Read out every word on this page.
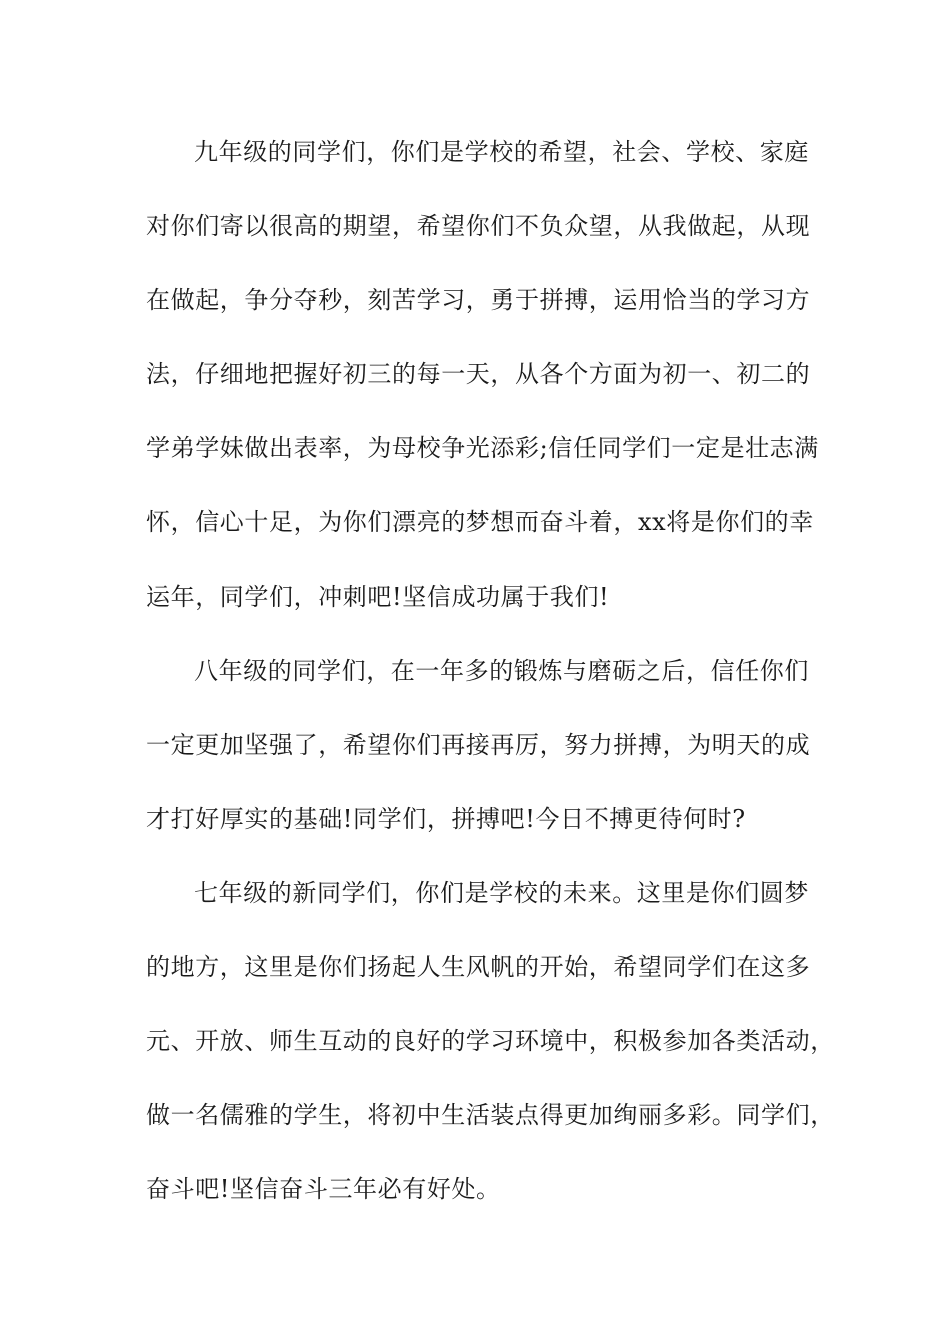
九年级的同学们，你们是学校的希望，社会、学校、家庭
对你们寄以很高的期望，希望你们不负众望，从我做起，从现
在做起，争分夺秒，刻苦学习，勇于拼搏，运用恰当的学习方
法，仔细地把握好初三的每一天，从各个方面为初一、初二的
学弟学妹做出表率，为母校争光添彩;信任同学们一定是壮志满
怀，信心十足，为你们漂亮的梦想而奋斗着，xx将是你们的幸
运年，同学们，冲刺吧!坚信成功属于我们!
八年级的同学们，在一年多的锻炼与磨砺之后，信任你们
一定更加坚强了，希望你们再接再厉，努力拼搏，为明天的成
才打好厚实的基础!同学们，拼搏吧!今日不搏更待何时?
七年级的新同学们，你们是学校的未来。这里是你们圆梦
的地方，这里是你们扬起人生风帆的开始，希望同学们在这多
元、开放、师生互动的良好的学习环境中，积极参加各类活动，
做一名儒雅的学生，将初中生活装点得更加绚丽多彩。同学们，
奋斗吧!坚信奋斗三年必有好处。
